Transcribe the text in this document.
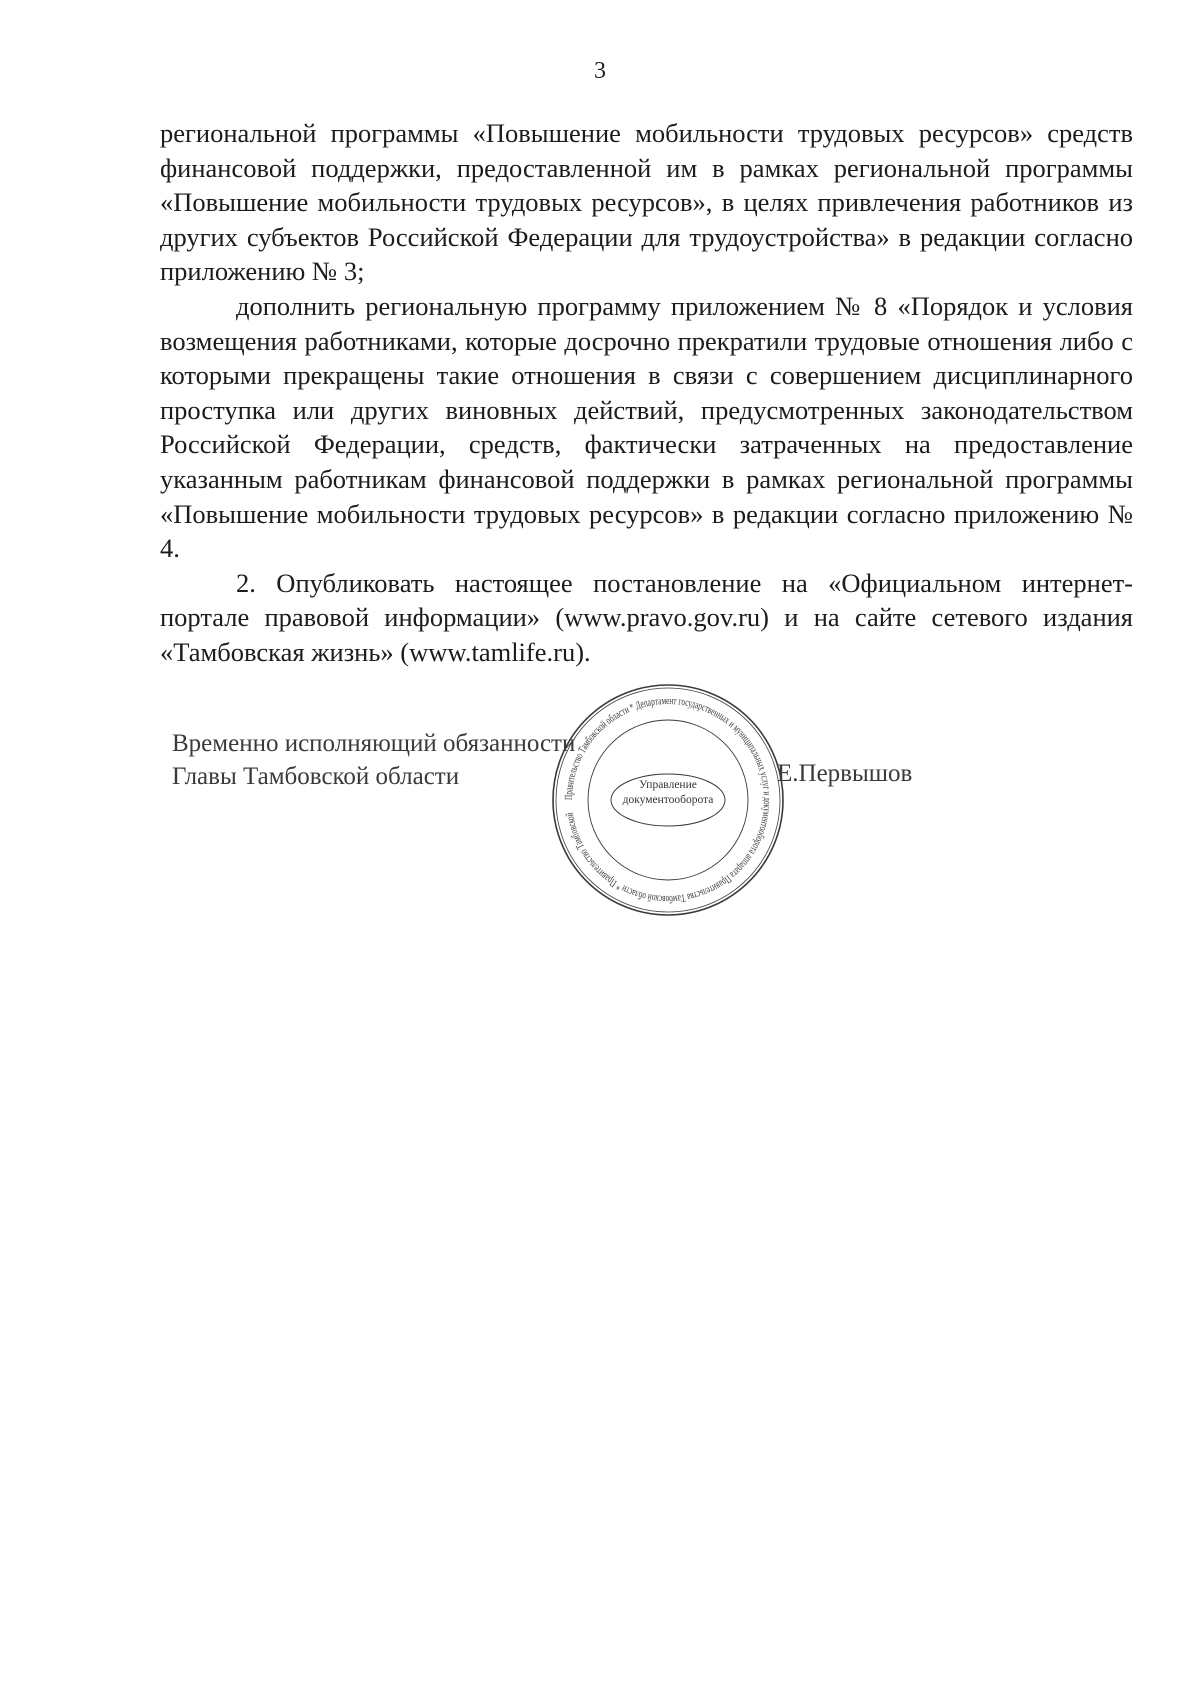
3

региональной программы «Повышение мобильности трудовых ресурсов» средств финансовой поддержки, предоставленной им в рамках региональной программы «Повышение мобильности трудовых ресурсов», в целях привлечения работников из других субъектов Российской Федерации для трудоустройства» в редакции согласно приложению № 3;

дополнить региональную программу приложением № 8 «Порядок и условия возмещения работниками, которые досрочно прекратили трудовые отношения либо с которыми прекращены такие отношения в связи с совершением дисциплинарного проступка или других виновных действий, предусмотренных законодательством Российской Федерации, средств, фактически затраченных на предоставление указанным работникам финансовой поддержки в рамках региональной программы «Повышение мобильности трудовых ресурсов» в редакции согласно приложению № 4.

2. Опубликовать настоящее постановление на «Официальном интернет-портале правовой информации» (www.pravo.gov.ru) и на сайте сетевого издания «Тамбовская жизнь» (www.tamlife.ru).

Временно исполняющий обязанности
Главы Тамбовской области	Е.Первышов
Правительство Тамбовской области * Департамент государственных и муниципальных услуг и документооборота аппарата Правительства Тамбовской области * Правительство Тамбовской
Управление
документооборота
